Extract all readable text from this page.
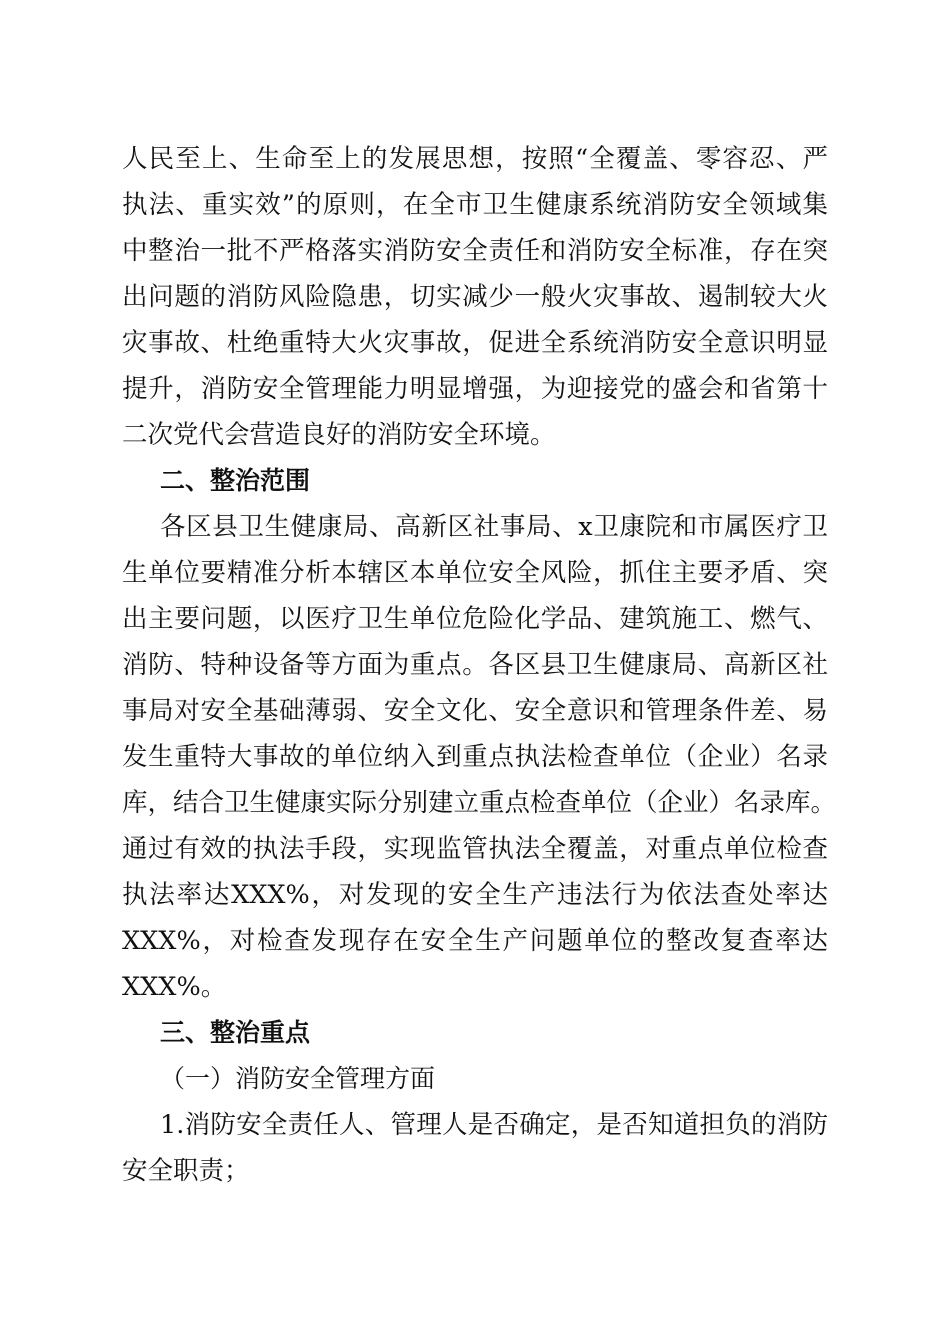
人民至上、生命至上的发展思想，按照“全覆盖、零容忍、严
执法、重实效”的原则，在全市卫生健康系统消防安全领域集
中整治一批不严格落实消防安全责任和消防安全标准，存在突
出问题的消防风险隐患，切实减少一般火灾事故、遏制较大火
灾事故、杜绝重特大火灾事故，促进全系统消防安全意识明显
提升，消防安全管理能力明显增强，为迎接党的盛会和省第十
二次党代会营造良好的消防安全环境。
二、整治范围
各区县卫生健康局、高新区社事局、x卫康院和市属医疗卫
生单位要精准分析本辖区本单位安全风险，抓住主要矛盾、突
出主要问题，以医疗卫生单位危险化学品、建筑施工、燃气、
消防、特种设备等方面为重点。各区县卫生健康局、高新区社
事局对安全基础薄弱、安全文化、安全意识和管理条件差、易
发生重特大事故的单位纳入到重点执法检查单位（企业）名录
库，结合卫生健康实际分别建立重点检查单位（企业）名录库。
通过有效的执法手段，实现监管执法全覆盖，对重点单位检查
执法率达XXX%，对发现的安全生产违法行为依法查处率达
XXX%，对检查发现存在安全生产问题单位的整改复查率达
XXX%。
三、整治重点
（一）消防安全管理方面
1.消防安全责任人、管理人是否确定，是否知道担负的消防
安全职责；
